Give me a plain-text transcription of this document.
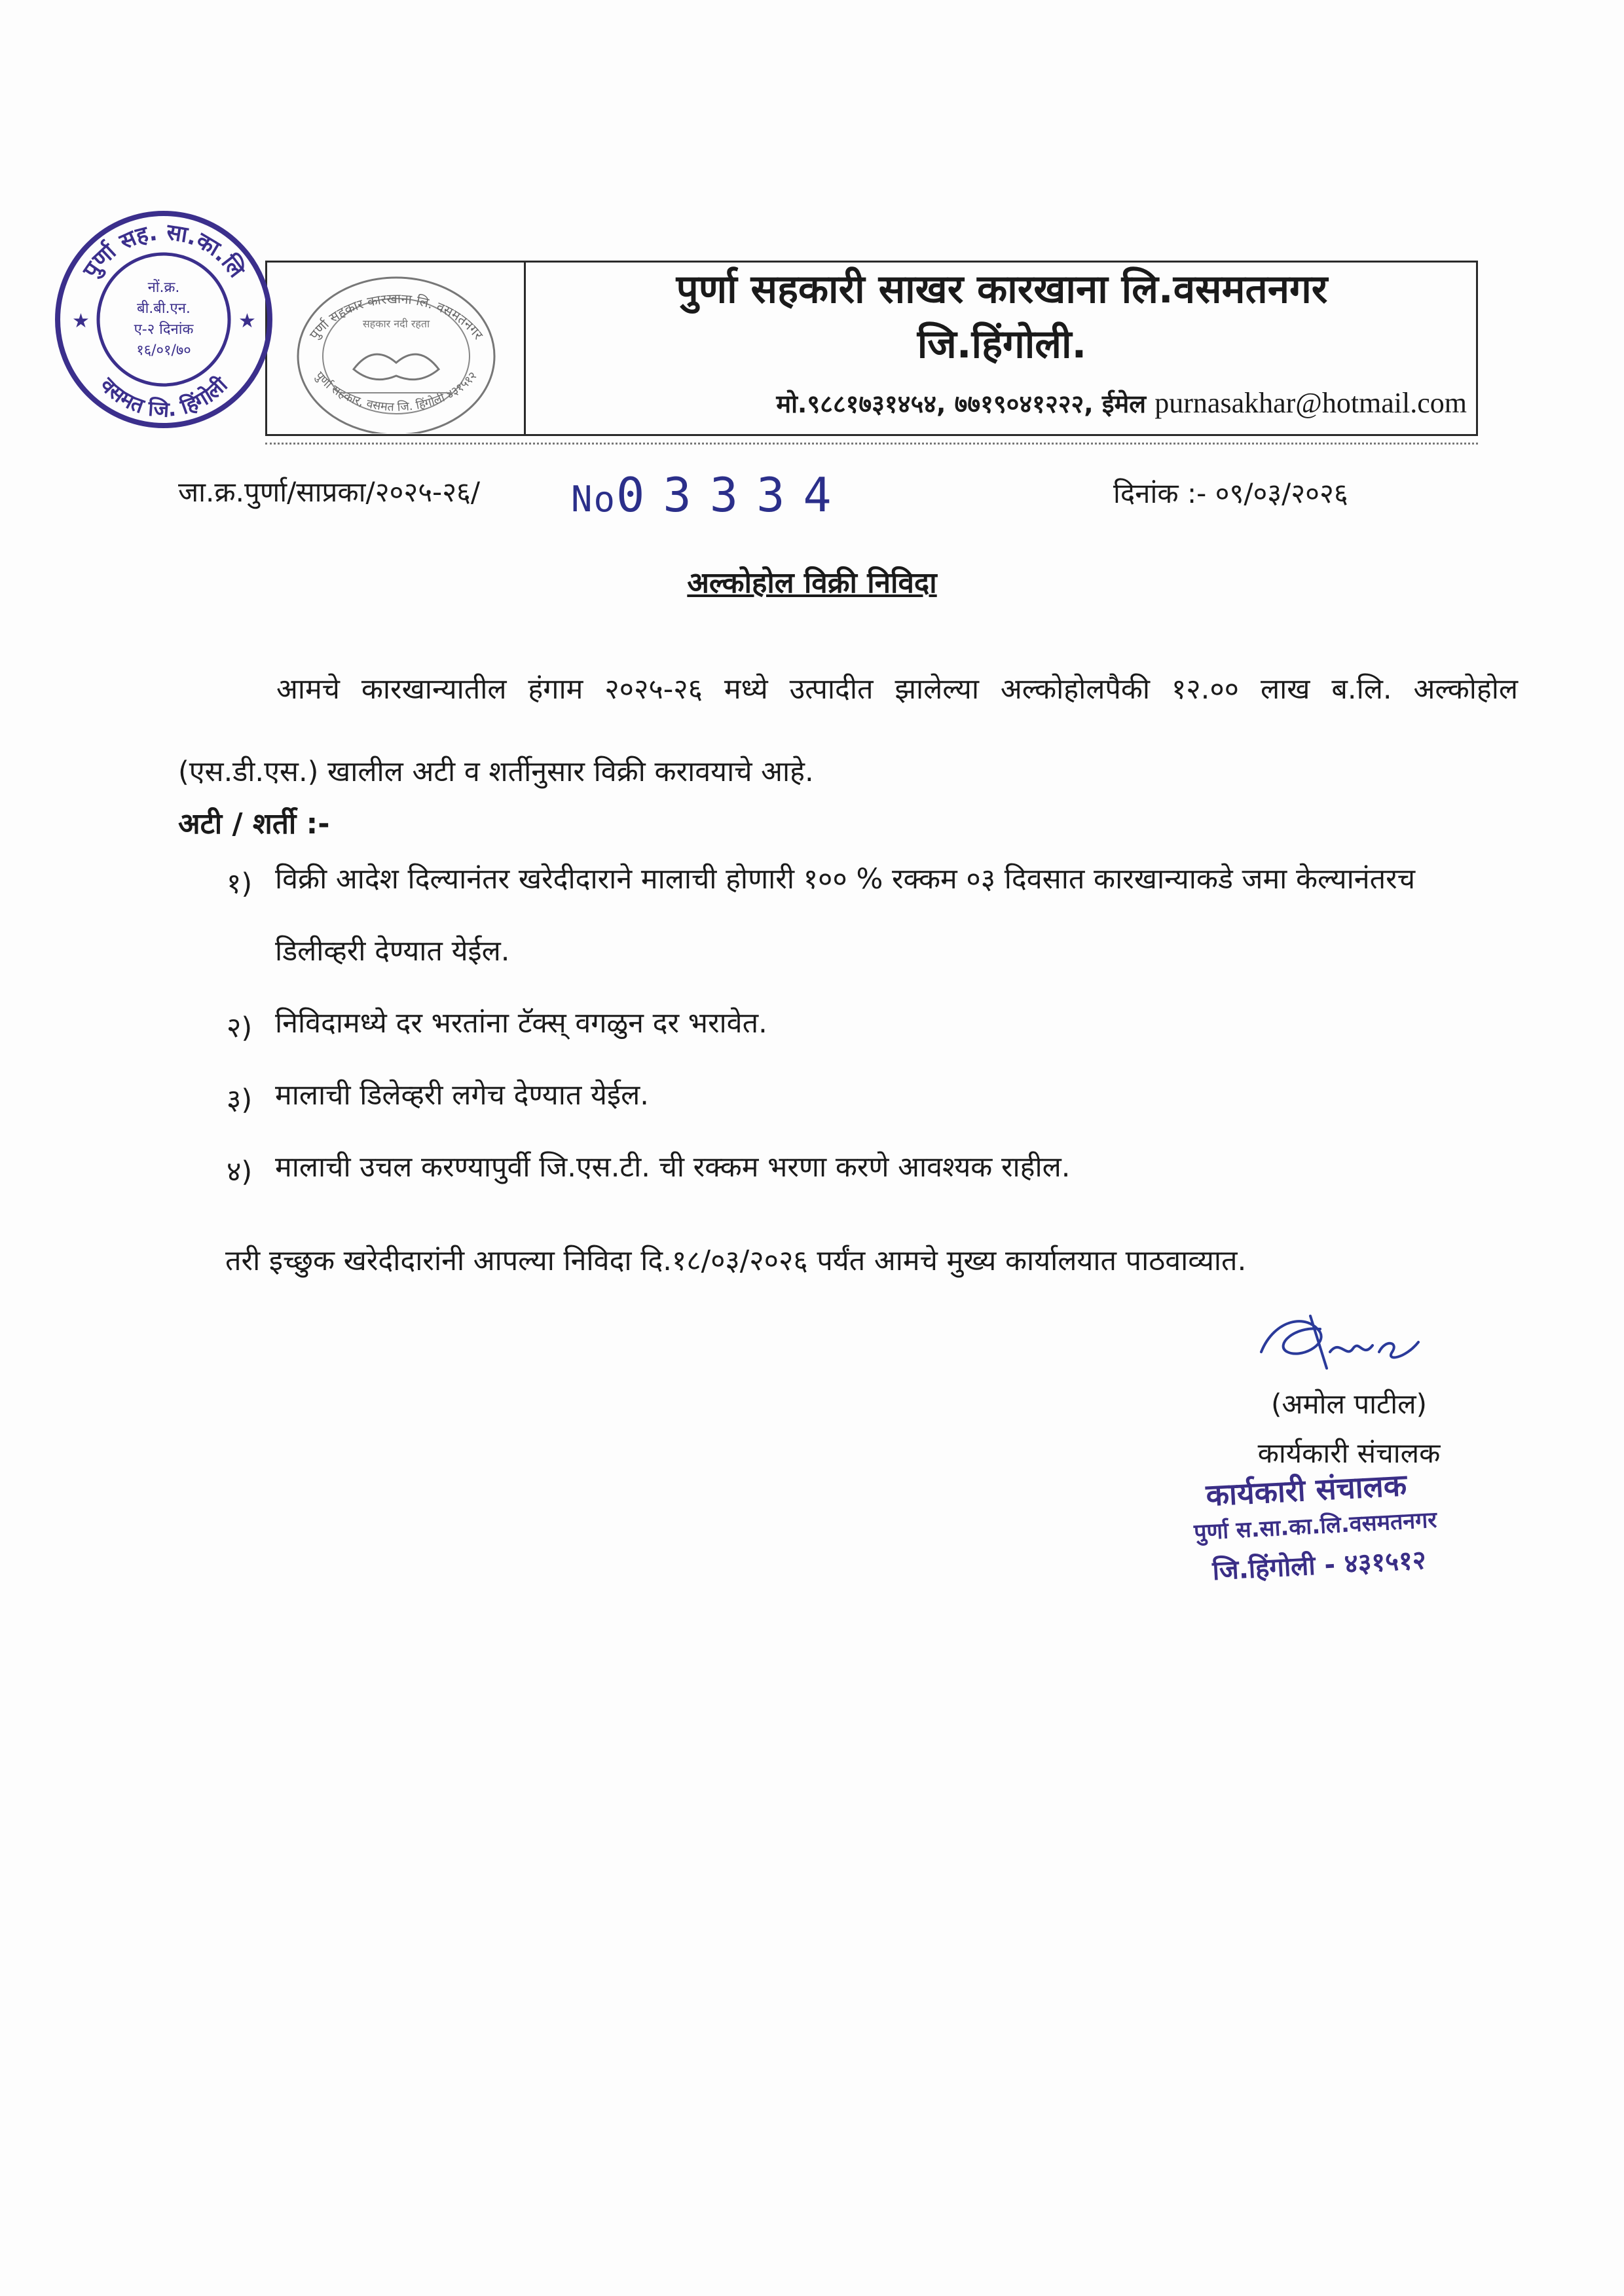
पुर्णा सह. सा.का.लि
वसमत जि. हिंगोली
★	★
नों.क्र.
बी.बी.एन.
ए-२ दिनांक
१६/०१/७०
पुर्णा सहकार कारखाना लि. वसमतनगर
पुर्णा सहकार, वसमत जि. हिंगोली ४३१५१२
सहकार नदी रहता
पुर्णा सहकारी साखर कारखाना लि.वसमतनगर
जि.हिंगोली.
मो.९८८१७३१४५४, ७७१९०४१२२२, ईमेल purnasakhar@hotmail.com
जा.क्र.पुर्णा/साप्रका/२०२५-२६/	No03334	दिनांक :- ०९/०३/२०२६
अल्कोहोल विक्री निविदा
आमचे कारखान्यातील हंगाम २०२५-२६ मध्ये उत्पादीत झालेल्या अल्कोहोलपैकी १२.०० लाख ब.लि. अल्कोहोल (एस.डी.एस.) खालील अटी व शर्तीनुसार विक्री करावयाचे आहे.
अटी / शर्ती :-
१) विक्री आदेश दिल्यानंतर खरेदीदाराने मालाची होणारी १०० % रक्कम ०३ दिवसात कारखान्याकडे जमा केल्यानंतरच डिलीव्हरी देण्यात येईल.
२) निविदामध्ये दर भरतांना टॅक्स् वगळुन दर भरावेत.
३) मालाची डिलेव्हरी लगेच देण्यात येईल.
४) मालाची उचल करण्यापुर्वी जि.एस.टी. ची रक्कम भरणा करणे आवश्यक राहील.
तरी इच्छुक खरेदीदारांनी आपल्या निविदा दि.१८/०३/२०२६ पर्यंत आमचे मुख्य कार्यालयात पाठवाव्यात.
(अमोल पाटील)
कार्यकारी संचालक
कार्यकारी संचालक
पुर्णा स.सा.का.लि.वसमतनगर
जि.हिंगोली - ४३१५१२
